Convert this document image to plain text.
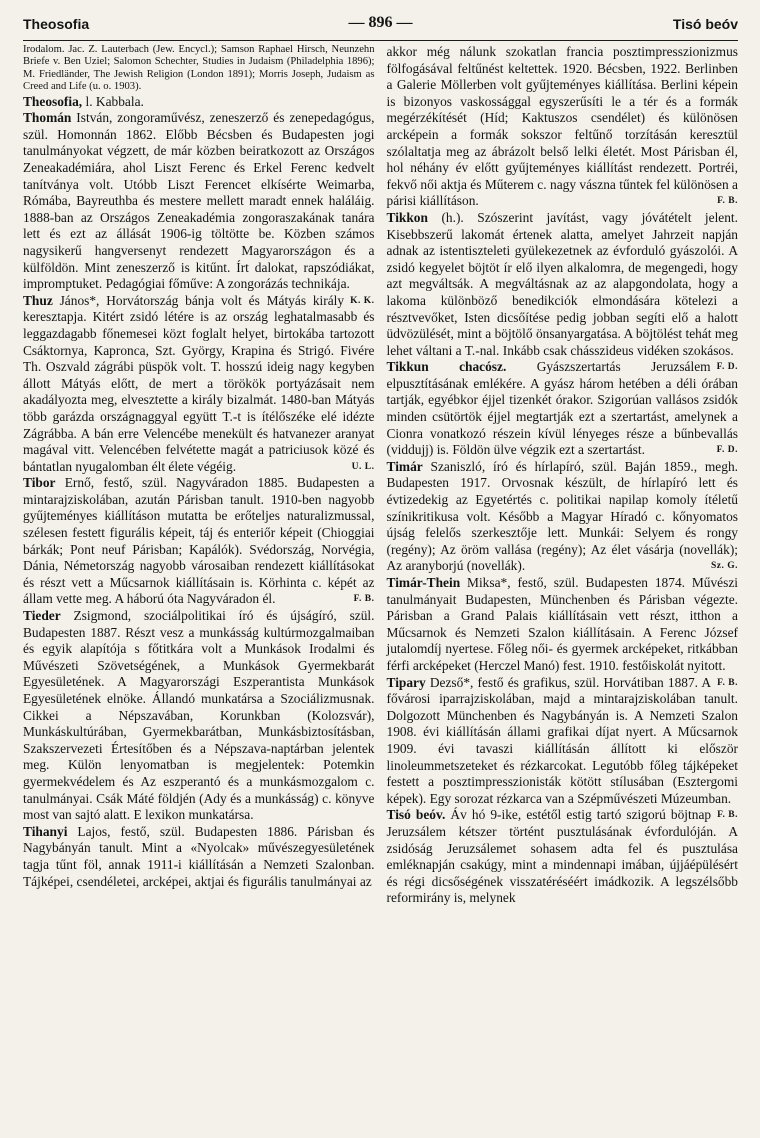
Theosofia	— 896 —	Tisó beóv

Irodalom. Jac. Z. Lauterbach (Jew. Encycl.); Samson Raphael Hirsch, Neunzehn Briefe v. Ben Uziel; Salomon Schechter, Studies in Judaism (Philadelphia 1896); M. Friedländer, The Jewish Religion (London 1891); Morris Joseph, Judaism as Creed and Life (u. o. 1903).

Theosofia, l. Kabbala.

Thomán István, zongoraművész, zeneszerző és zenepedagógus, szül. Homonnán 1862. Előbb Bécsben és Budapesten jogi tanulmányokat végzett, de már közben beiratkozott az Országos Zeneakadémiára, ahol Liszt Ferenc és Erkel Ferenc kedvelt tanítványa volt. Utóbb Liszt Ferencet elkísérte Weimarba, Rómába, Bayreuthba és mestere mellett maradt ennek haláláig. 1888-ban az Országos Zeneakadémia zongoraszakának tanára lett és ezt az állását 1906-ig töltötte be. Közben számos nagysikerű hangversenyt rendezett Magyarországon és a külföldön. Mint zeneszerző is kitűnt. Írt dalokat, rapszódiákat, impromptuket. Pedagógiai főműve: A zongorázás technikája.
K. K.

Thuz János*, Horvátország bánja volt és Mátyás király keresztapja. Kitért zsidó létére is az ország leghatalmasabb és leggazdagabb főnemesei közt foglalt helyet, birtokába tartozott Csáktornya, Kapronca, Szt. György, Krapina és Strigó. Fivére Th. Oszvald zágrábi püspök volt. T. hosszú ideig nagy kegyben állott Mátyás előtt, de mert a törökök portyázásait nem akadályozta meg, elvesztette a király bizalmát. 1480-ban Mátyás több garázda országnaggyal együtt T.-t is ítélőszéke elé idézte Zágrábba. A bán erre Velencébe menekült és hatvanezer aranyat magával vitt. Velencében felvétette magát a patriciusok közé és bántatlan nyugalomban élt élete végéig.	U. L.

Tibor Ernő, festő, szül. Nagyváradon 1885. Budapesten a mintarajziskolában, azután Párisban tanult. 1910-ben nagyobb gyűjteményes kiállításon mutatta be erőteljes naturalizmussal, szélesen festett figurális képeit, táj és enteriőr képeit (Chioggiai bárkák; Pont neuf Párisban; Kapálók). Svédország, Norvégia, Dánia, Németország nagyobb városaiban rendezett kiállításokat és részt vett a Műcsarnok kiállításain is. Körhinta c. képét az állam vette meg. A háború óta Nagyváradon él.	F. B.

Tieder Zsigmond, szociálpolitikai író és újságíró, szül. Budapesten 1887. Részt vesz a munkásság kultúrmozgalmaiban és egyik alapítója s főtitkára volt a Munkások Irodalmi és Művészeti Szövetségének, a Munkások Gyermekbarát Egyesületének. A Magyarországi Eszperantista Munkások Egyesületének elnöke. Állandó munkatársa a Szociálizmusnak. Cikkei a Népszavában, Korunkban (Kolozsvár), Munkáskultúrában, Gyermekbarátban, Munkásbiztosításban, Szakszervezeti Értesítőben és a Népszava-naptárban jelentek meg. Külön lenyomatban is megjelentek: Potemkin gyermekvédelem és Az eszperantó és a munkásmozgalom c. tanulmányai. Csák Máté földjén (Ady és a munkásság) c. könyve most van sajtó alatt. E lexikon munkatársa.

Tihanyi Lajos, festő, szül. Budapesten 1886. Párisban és Nagybányán tanult. Mint a «Nyolcak» művészegyesületének tagja tűnt föl, annak 1911-i kiállításán a Nemzeti Szalonban. Tájképei, csendéletei, arcképei, aktjai és figurális tanulmányai az

akkor még nálunk szokatlan francia posztimpresszionizmus fölfogásával feltűnést keltettek. 1920. Bécsben, 1922. Berlinben a Galerie Möllerben volt gyűjteményes kiállítása. Berlini képein is bizonyos vaskossággal egyszerűsíti le a tér és a formák megérzékítését (Híd; Kaktuszos csendélet) és különösen arcképein a formák sokszor feltűnő torzításán keresztül szólaltatja meg az ábrázolt belső lelki életét. Most Párisban él, hol néhány év előtt gyűjteményes kiállítást rendezett. Portréi, fekvő női aktja és Műterem c. nagy vászna tűntek fel különösen a párisi kiállításon.	F. B.

Tikkon (h.). Szószerint javítást, vagy jóvátételt jelent. Kisebbszerű lakomát értenek alatta, amelyet Jahrzeit napján adnak az istentiszteleti gyülekezetnek az évforduló gyászolói. A zsidó kegyelet böjtöt ír elő ilyen alkalomra, de megengedi, hogy azt megváltsák. A megváltásnak az az alapgondolata, hogy a lakoma különböző benedikciók elmondására kötelezi a résztvevőket, Isten dicsőítése pedig jobban segíti elő a halott üdvözülését, mint a böjtölő önsanyargatása. A böjtölést tehát meg lehet váltani a T.-nal. Inkább csak chásszideus vidéken szokásos.
F. D.

Tikkun chacósz. Gyászszertartás Jeruzsálem elpusztításának emlékére. A gyász három hetében a déli órában tartják, egyébkor éjjel tizenkét órakor. Szigorúan vallásos zsidók minden csütörtök éjjel megtartják ezt a szertartást, amelynek a Cionra vonatkozó részein kívül lényeges része a bűnbevallás (viddujj) is. Földön ülve végzik ezt a szertartást.	F. D.

Timár Szaniszló, író és hírlapíró, szül. Baján 1859., megh. Budapesten 1917. Orvosnak készült, de hírlapíró lett és évtizedekig az Egyetértés c. politikai napilap komoly ítéletű színikritikusa volt. Később a Magyar Híradó c. kőnyomatos újság felelős szerkesztője lett. Munkái: Selyem és rongy (regény); Az öröm vallása (regény); Az élet vásárja (novellák); Az aranyborjú (novellák).	Sz. G.

Timár-Thein Miksa*, festő, szül. Budapesten 1874. Művészi tanulmányait Budapesten, Münchenben és Párisban végezte. Párisban a Grand Palais kiállításain vett részt, itthon a Műcsarnok és Nemzeti Szalon kiállításain. A Ferenc József jutalomdíj nyertese. Főleg női- és gyermek arcképeket, ritkábban férfi arcképeket (Herczel Manó) fest. 1910. festőiskolát nyitott.
F. B.

Tipary Dezső*, festő és grafikus, szül. Horvátiban 1887. A fővárosi iparrajziskolában, majd a mintarajziskolában tanult. Dolgozott Münchenben és Nagybányán is. A Nemzeti Szalon 1908. évi kiállításán állami grafikai díjat nyert. A Műcsarnok 1909. évi tavaszi kiállításán állított ki először linoleummetszeteket és rézkarcokat. Legutóbb főleg tájképeket festett a posztimpresszionisták kötött stílusában (Esztergomi képek). Egy sorozat rézkarca van a Szépművészeti Múzeumban.
F. B.

Tisó beóv. Áv hó 9-ike, estétől estig tartó szigorú böjtnap Jeruzsálem kétszer történt pusztulásának évfordulóján. A zsidóság Jeruzsálemet sohasem adta fel és pusztulása emléknapján csakúgy, mint a mindennapi imában, újjáépülésért és régi dicsőségének visszatéréséért imádkozik. A legszélsőbb reformirány is, melynek
